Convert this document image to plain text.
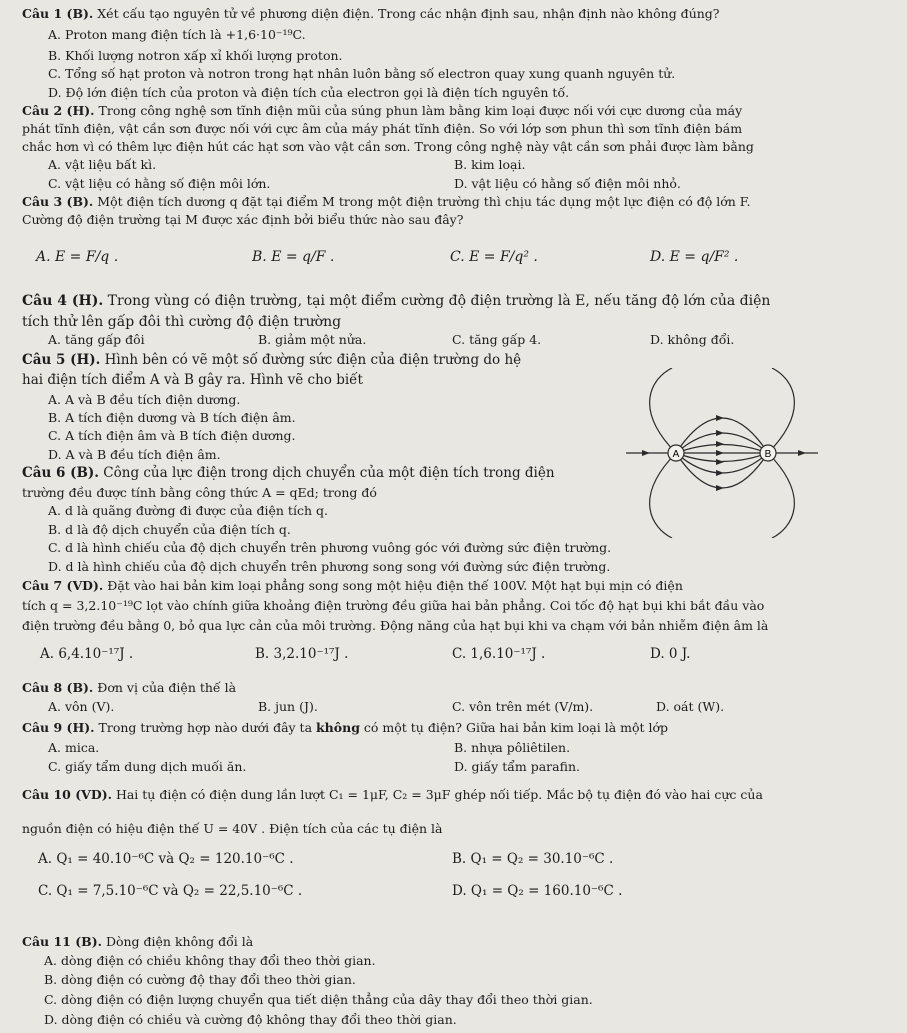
Câu 1 (B). Xét cấu tạo nguyên tử về phương diện điện. Trong các nhận định sau, nhận định nào không đúng?
A. Proton mang điện tích là +1,6·10⁻¹⁹C.
B. Khối lượng notron xấp xỉ khối lượng proton.
C. Tổng số hạt proton và notron trong hạt nhân luôn bằng số electron quay xung quanh nguyên tử.
D. Độ lớn điện tích của proton và điện tích của electron gọi là điện tích nguyên tố.
Câu 2 (H). Trong công nghệ sơn tĩnh điện mũi của súng phun làm bằng kim loại được nối với cực dương của máy
phát tĩnh điện, vật cần sơn được nối với cực âm của máy phát tĩnh điện. So với lớp sơn phun thì sơn tĩnh điện bám
chắc hơn vì có thêm lực điện hút các hạt sơn vào vật cần sơn. Trong công nghệ này vật cần sơn phải được làm bằng
A. vật liệu bất kì.	B. kim loại.
C. vật liệu có hằng số điện môi lớn.	D. vật liệu có hằng số điện môi nhỏ.
Câu 3 (B). Một điện tích dương q đặt tại điểm M trong một điện trường thì chịu tác dụng một lực điện có độ lớn F.
Cường độ điện trường tại M được xác định bởi biểu thức nào sau đây?
A. E = F/q .	B. E = q/F .	C. E = F/q² .	D. E = q/F² .
Câu 4 (H). Trong vùng có điện trường, tại một điểm cường độ điện trường là E, nếu tăng độ lớn của điện
tích thử lên gấp đôi thì cường độ điện trường
A. tăng gấp đôi	B. giảm một nửa.	C. tăng gấp 4.	D. không đổi.
Câu 5 (H). Hình bên có vẽ một số đường sức điện của điện trường do hệ
hai điện tích điểm A và B gây ra. Hình vẽ cho biết
A. A và B đều tích điện dương.
B. A tích điện dương và B tích điện âm.
C. A tích điện âm và B tích điện dương.
D. A và B đều tích điện âm.	A	B
Câu 6 (B). Công của lực điện trong dịch chuyển của một điện tích trong điện
trường đều được tính bằng công thức A = qEd; trong đó
A. d là quãng đường đi được của điện tích q.
B. d là độ dịch chuyển của điện tích q.
C. d là hình chiếu của độ dịch chuyển trên phương vuông góc với đường sức điện trường.
D. d là hình chiếu của độ dịch chuyển trên phương song song với đường sức điện trường.
Câu 7 (VD). Đặt vào hai bản kim loại phẳng song song một hiệu điện thế 100V. Một hạt bụi mịn có điện
tích q = 3,2.10⁻¹⁹C lọt vào chính giữa khoảng điện trường đều giữa hai bản phẳng. Coi tốc độ hạt bụi khi bắt đầu vào
điện trường đều bằng 0, bỏ qua lực cản của môi trường. Động năng của hạt bụi khi va chạm với bản nhiễm điện âm là
A. 6,4.10⁻¹⁷J .	B. 3,2.10⁻¹⁷J .	C. 1,6.10⁻¹⁷J .	D. 0 J.
Câu 8 (B). Đơn vị của điện thế là
A. vôn (V).	B. jun (J).	C. vôn trên mét (V/m).	D. oát (W).
Câu 9 (H). Trong trường hợp nào dưới đây ta không có một tụ điện? Giữa hai bản kim loại là một lớp
A. mica.	B. nhựa pôliêtilen.
C. giấy tẩm dung dịch muối ăn.	D. giấy tẩm parafin.
Câu 10 (VD). Hai tụ điện có điện dung lần lượt C₁ = 1μF, C₂ = 3μF ghép nối tiếp. Mắc bộ tụ điện đó vào hai cực của
nguồn điện có hiệu điện thế U = 40V . Điện tích của các tụ điện là
A. Q₁ = 40.10⁻⁶C và Q₂ = 120.10⁻⁶C .	B. Q₁ = Q₂ = 30.10⁻⁶C .
C. Q₁ = 7,5.10⁻⁶C và Q₂ = 22,5.10⁻⁶C .	D. Q₁ = Q₂ = 160.10⁻⁶C .
Câu 11 (B). Dòng điện không đổi là
A. dòng điện có chiều không thay đổi theo thời gian.
B. dòng điện có cường độ thay đổi theo thời gian.
C. dòng điện có điện lượng chuyển qua tiết diện thẳng của dây thay đổi theo thời gian.
D. dòng điện có chiều và cường độ không thay đổi theo thời gian.
